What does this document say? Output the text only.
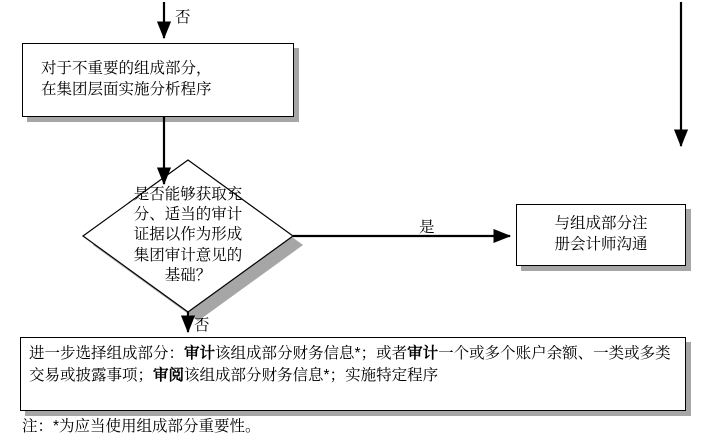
对于不重要的组成部分，
在集团层面实施分析程序
是否能够获取充
分、适当的审计
证据以作为形成
集团审计意见的
基础？
与组成部分注
册会计师沟通
进一步选择组成部分：审计该组成部分财务信息*；或者审计一个或多个账户余额、一类或多类交易或披露事项；审阅该组成部分财务信息*；实施特定程序
否
是
否
注：*为应当使用组成部分重要性。
